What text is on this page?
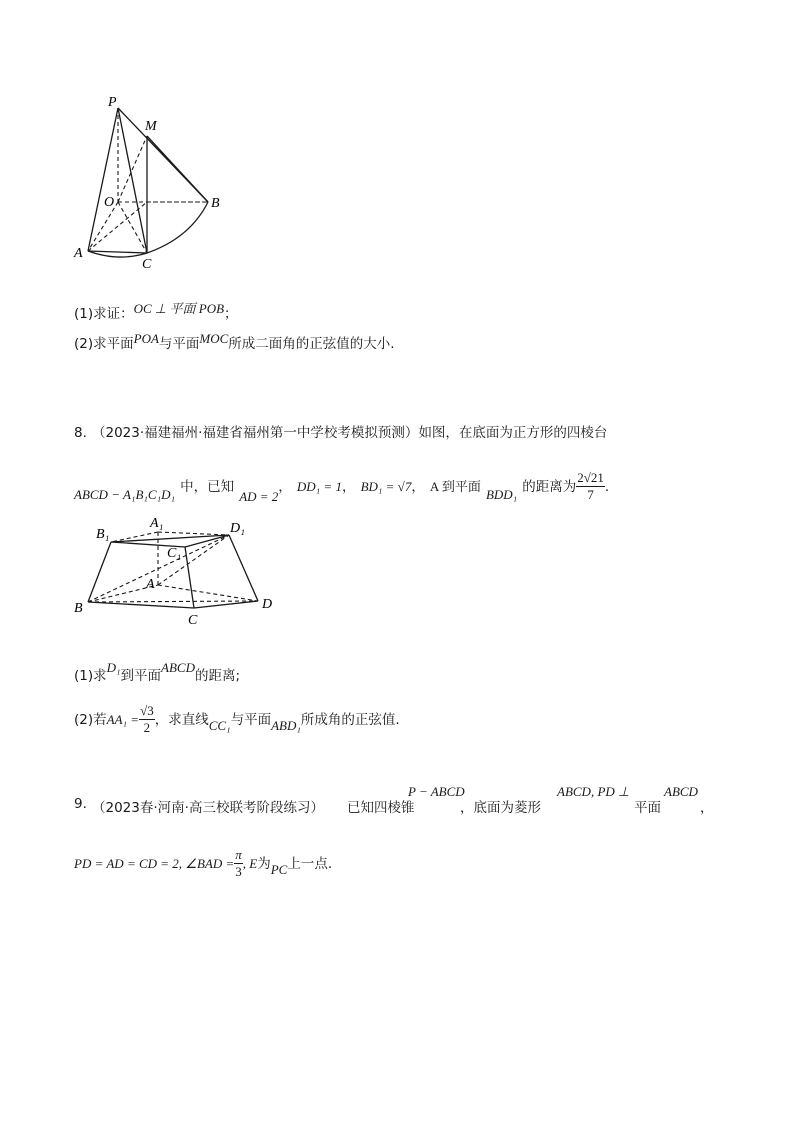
P
M
O	B
A
C
(1)求证：$^{OC \perp 平面 POB}$；
(2)求平面$^{POA}$与平面$^{MOC}$所成二面角的正弦值的大小.
8. （2023·福建福州·福建省福州第一中学校考模拟预测）如图，在底面为正方形的四棱台
$_{ABCD - A_1B_1C_1D_1}$ 中，已知 $_{AD = 2}$， DD₁ = 1， BD₁ = √7， A 到平面 $_{BDD_1}$ 的距离为 $\frac{2√21}{7}$ .
B₁
A₁	D₁
C₁
A
B
C
D
(1)求$^{D_1}$到平面$^{ABCD}$的距离;
(2)若$AA_1 = \frac{√3}{2}$ ，求直线$_{CC_1}$与平面$_{ABD_1}$所成角的正弦值.
9. （2023春·河南·高三校联考阶段练习） 已知四棱锥
P − ABCD
，底面为菱形
ABCD, PD ⊥
平面
ABCD
，
PD = AD = CD = 2, ∠BAD = $\frac{\pi}{3}$ , E为$_{PC}$上一点.
